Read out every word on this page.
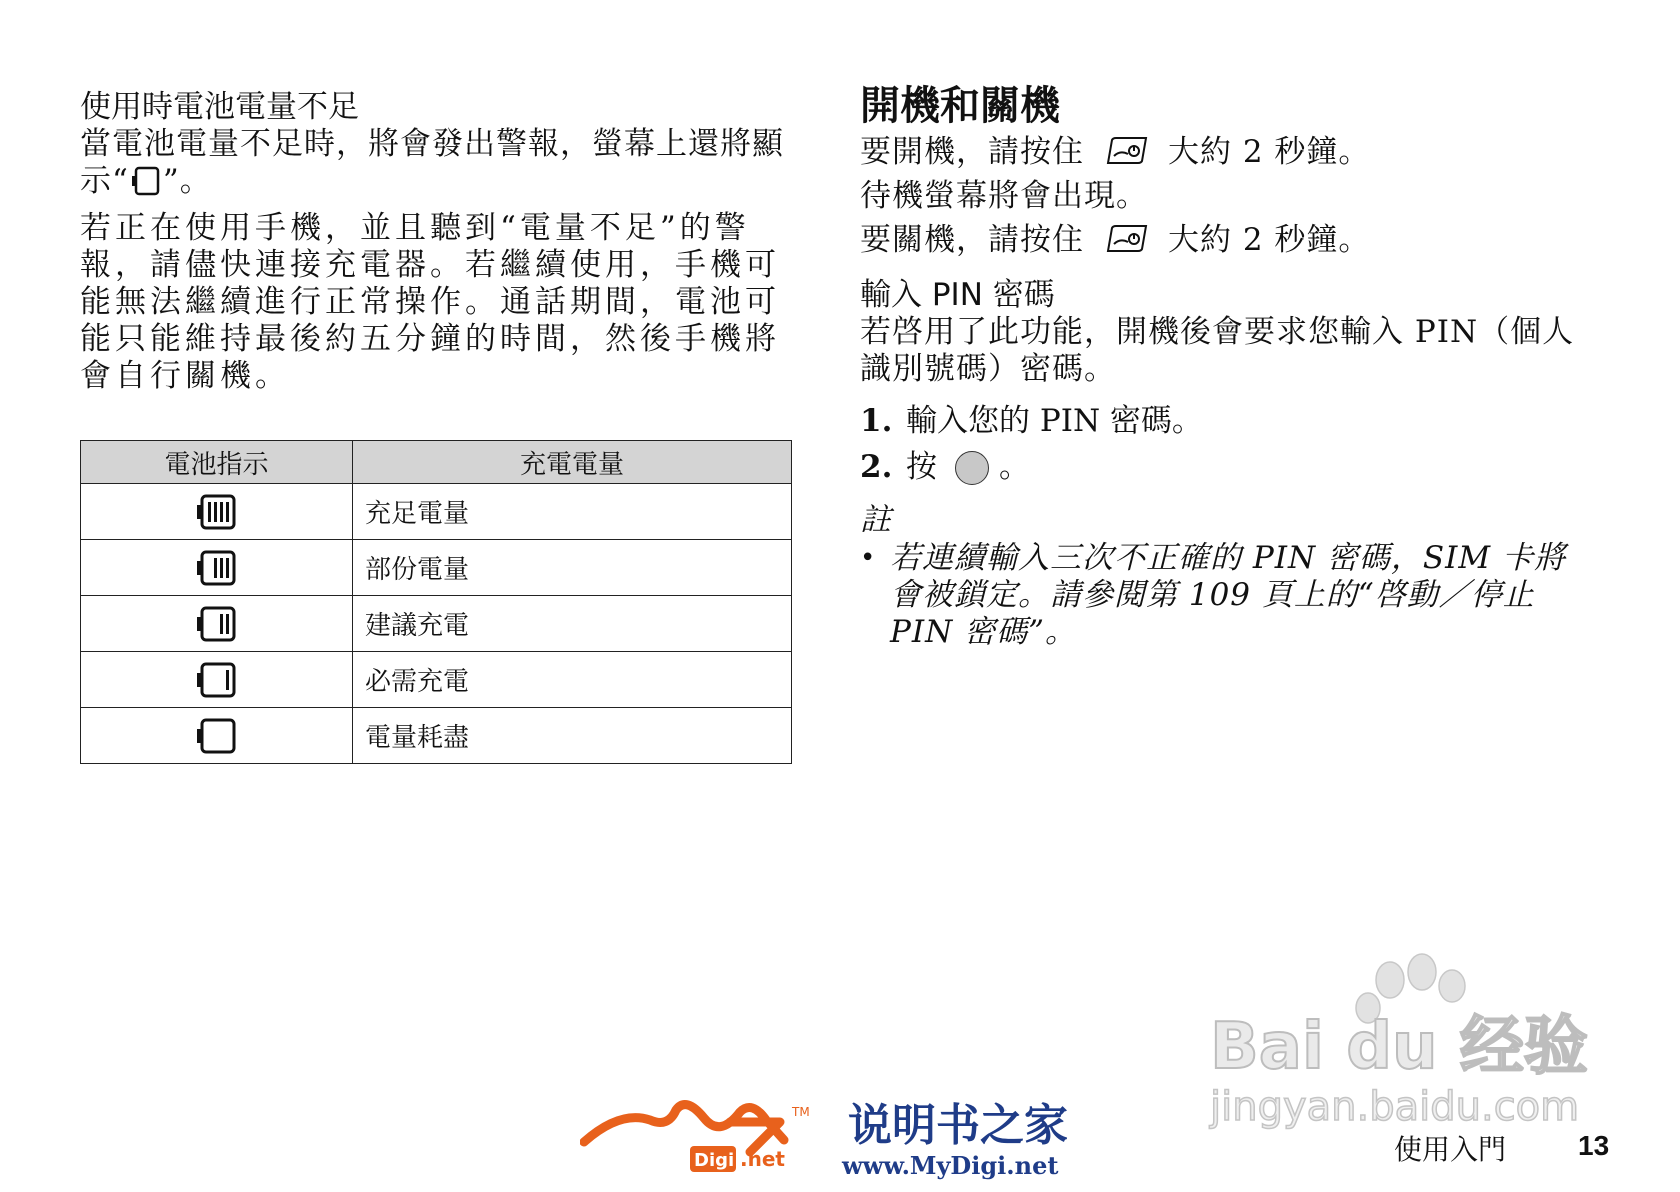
使用時電池電量不足

當電池電量不足時，將會發出警報，螢幕上還將顯示“ ”。

若正在使用手機，並且聽到“電量不足”的警報，請儘快連接充電器。若繼續使用，手機可能無法繼續進行正常操作。通話期間，電池可能只能維持最後約五分鐘的時間，然後手機將會自行關機。

電池指示	充電電量
	充足電量
	部份電量
	建議充電
	必需充電
	電量耗盡
開機和關機

要開機，請按住	大約 2 秒鐘。

待機螢幕將會出現。

要關機，請按住	大約 2 秒鐘。

輸入 PIN 密碼

若啓用了此功能，開機後會要求您輸入 PIN（個人識別號碼）密碼。

1. 輸入您的 PIN 密碼。
2. 按 。

註

• 若連續輸入三次不正確的 PIN 密碼，SIM 卡將會被鎖定。請參閱第 109 頁上的“啓動／停止 PIN 密碼”。
Bai du 经验
jingyan.baidu.com
TM
Digi .net
说明书之家
www.MyDigi.net	使用入門	13
